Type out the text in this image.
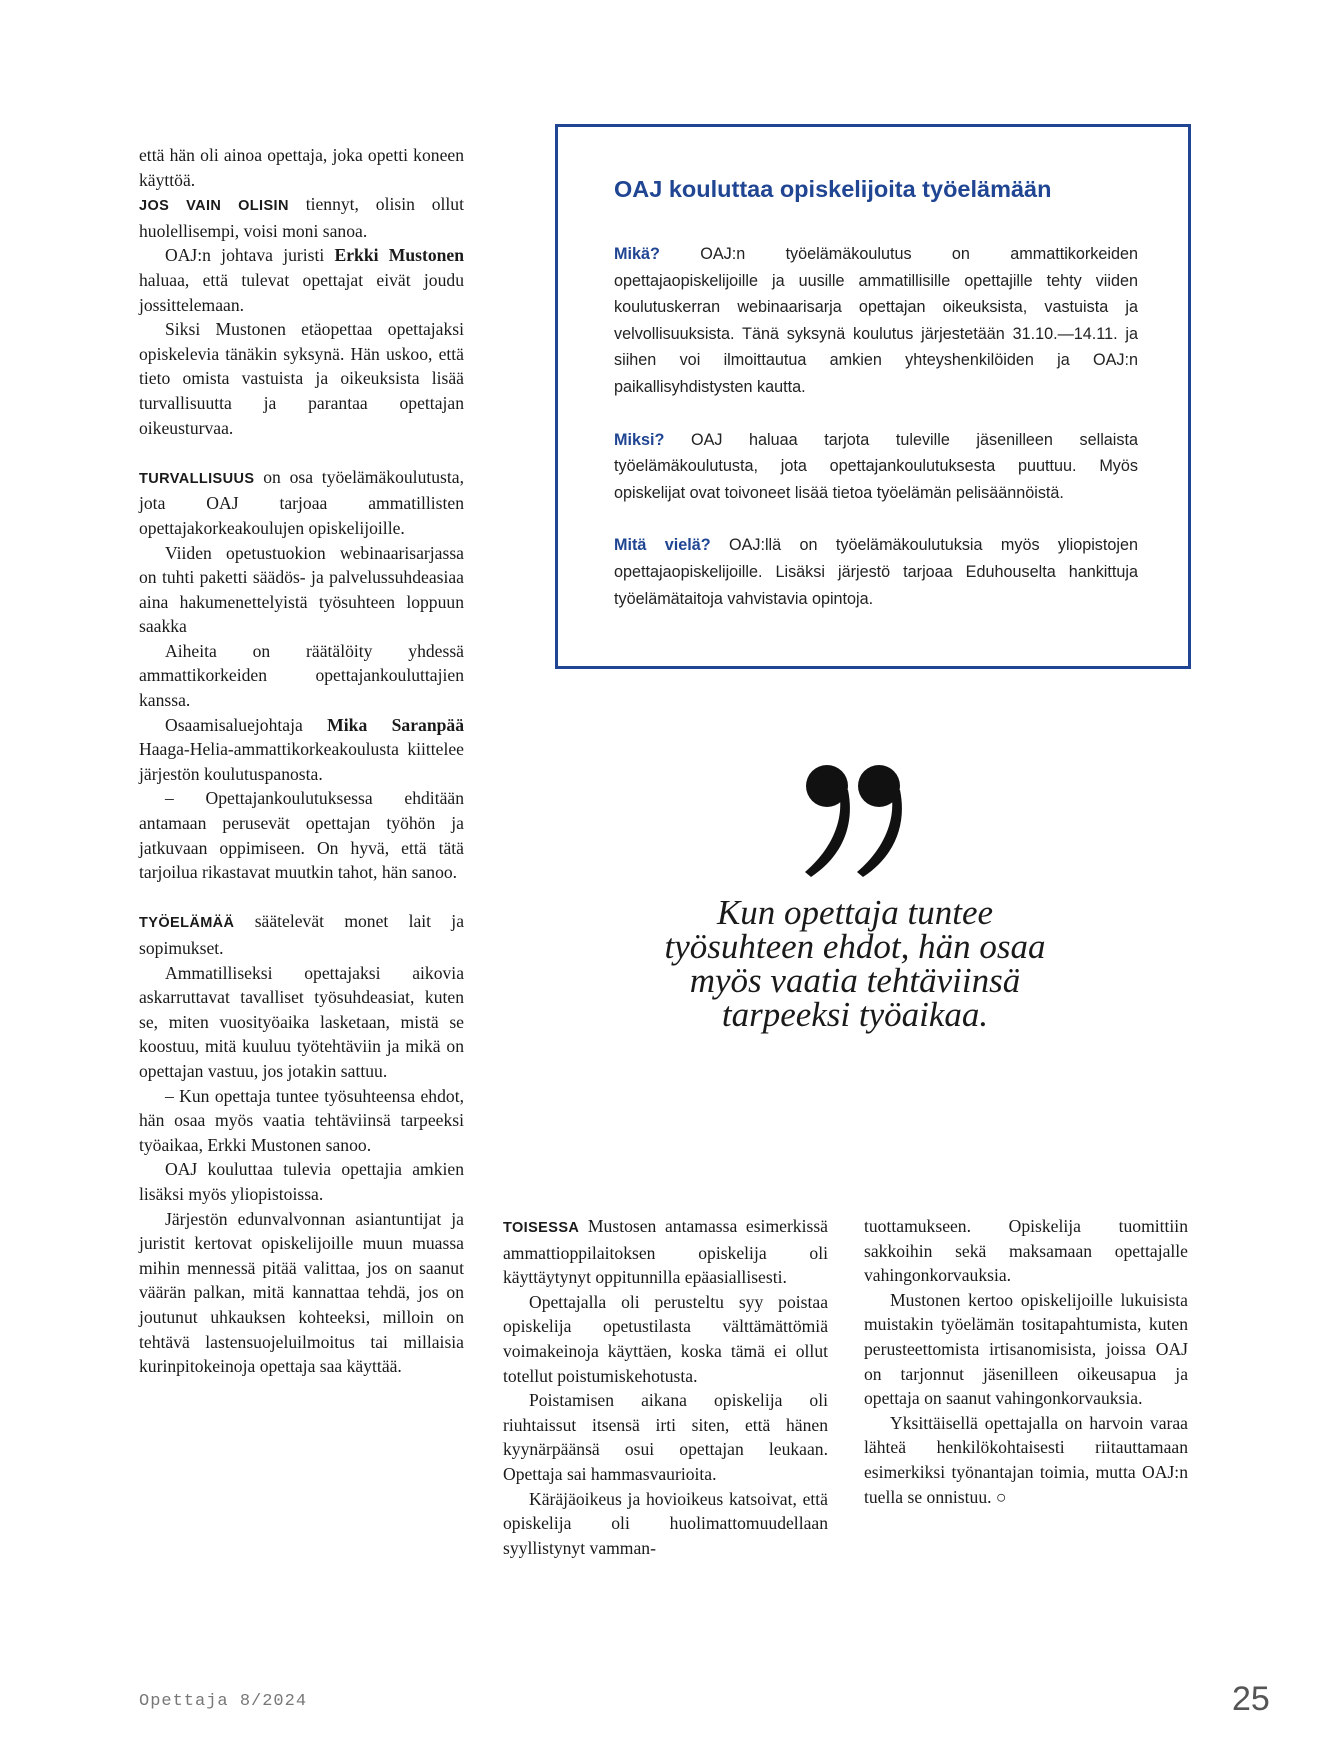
että hän oli ainoa opettaja, joka opetti koneen käyttöä.

JOS VAIN OLISIN tiennyt, olisin ollut huolellisempi, voisi moni sanoa.

OAJ:n johtava juristi Erkki Mustonen haluaa, että tulevat opettajat eivät joudu jossittelemaan.

Siksi Mustonen etäopettaa opettajaksi opiskelevia tänäkin syksynä. Hän uskoo, että tieto omista vastuista ja oikeuksista lisää turvallisuutta ja parantaa opettajan oikeusturvaa.

TURVALLISUUS on osa työelämäkoulutusta, jota OAJ tarjoaa ammatillisten opettajakorkeakoulujen opiskelijoille.

Viiden opetustuokion webinaarisarjassa on tuhti paketti säädös- ja palvelussuhdeasiaa aina hakumenettelyistä työsuhteen loppuun saakka

Aiheita on räätälöity yhdessä ammattikorkeiden opettajankouluttajien kanssa.

Osaamisaluejohtaja Mika Saranpää Haaga-Helia-ammattikorkeakoulusta kiittelee järjestön koulutuspanosta.

– Opettajankoulutuksessa ehditään antamaan perusevät opettajan työhön ja jatkuvaan oppimiseen. On hyvä, että tätä tarjoilua rikastavat muutkin tahot, hän sanoo.

TYÖELÄMÄÄ säätelevät monet lait ja sopimukset.

Ammatilliseksi opettajaksi aikovia askarruttavat tavalliset työsuhdeasiat, kuten se, miten vuosityöaika lasketaan, mistä se koostuu, mitä kuuluu työtehtäviin ja mikä on opettajan vastuu, jos jotakin sattuu.

– Kun opettaja tuntee työsuhteensa ehdot, hän osaa myös vaatia tehtäviinsä tarpeeksi työaikaa, Erkki Mustonen sanoo.

OAJ kouluttaa tulevia opettajia amkien lisäksi myös yliopistoissa.

Järjestön edunvalvonnan asiantuntijat ja juristit kertovat opiskelijoille muun muassa mihin mennessä pitää valittaa, jos on saanut väärän palkan, mitä kannattaa tehdä, jos on joutunut uhkauksen kohteeksi, milloin on tehtävä lastensuojeluilmoitus tai millaisia kurinpitokeinoja opettaja saa käyttää.

OAJ kouluttaa opiskelijoita työelämään

Mikä? OAJ:n työelämäkoulutus on ammattikorkeiden opettajaopiskelijoille ja uusille ammatillisille opettajille tehty viiden koulutuskerran webinaarisarja opettajan oikeuksista, vastuista ja velvollisuuksista. Tänä syksynä koulutus järjestetään 31.10.—14.11. ja siihen voi ilmoittautua amkien yhteyshenkilöiden ja OAJ:n paikallisyhdistysten kautta.

Miksi? OAJ haluaa tarjota tuleville jäsenilleen sellaista työelämäkoulutusta, jota opettajankoulutuksesta puuttuu. Myös opiskelijat ovat toivoneet lisää tietoa työelämän pelisäännöistä.

Mitä vielä? OAJ:llä on työelämäkoulutuksia myös yliopistojen opettajaopiskelijoille. Lisäksi järjestö tarjoaa Eduhouselta hankittuja työelämätaitoja vahvistavia opintoja.

Kun opettaja tuntee työsuhteen ehdot, hän osaa myös vaatia tehtäviinsä tarpeeksi työaikaa.

TOISESSA Mustosen antamassa esimerkissä ammattioppilaitoksen opiskelija oli käyttäytynyt oppitunnilla epäasiallisesti.

Opettajalla oli perusteltu syy poistaa opiskelija opetustilasta välttämättömiä voimakeinoja käyttäen, koska tämä ei ollut totellut poistumiskehotusta.

Poistamisen aikana opiskelija oli riuhtaissut itsensä irti siten, että hänen kyynärpäänsä osui opettajan leukaan. Opettaja sai hammasvaurioita.

Käräjäoikeus ja hovioikeus katsoivat, että opiskelija oli huolimattomuudellaan syyllistynyt vamman-

tuottamukseen. Opiskelija tuomittiin sakkoihin sekä maksamaan opettajalle vahingonkorvauksia.

Mustonen kertoo opiskelijoille lukuisista muistakin työelämän tositapahtumista, kuten perusteettomista irtisanomisista, joissa OAJ on tarjonnut jäsenilleen oikeusapua ja opettaja on saanut vahingonkorvauksia.

Yksittäisellä opettajalla on harvoin varaa lähteä henkilökohtaisesti riitauttamaan esimerkiksi työnantajan toimia, mutta OAJ:n tuella se onnistuu. ○

Opettaja 8/2024	25
